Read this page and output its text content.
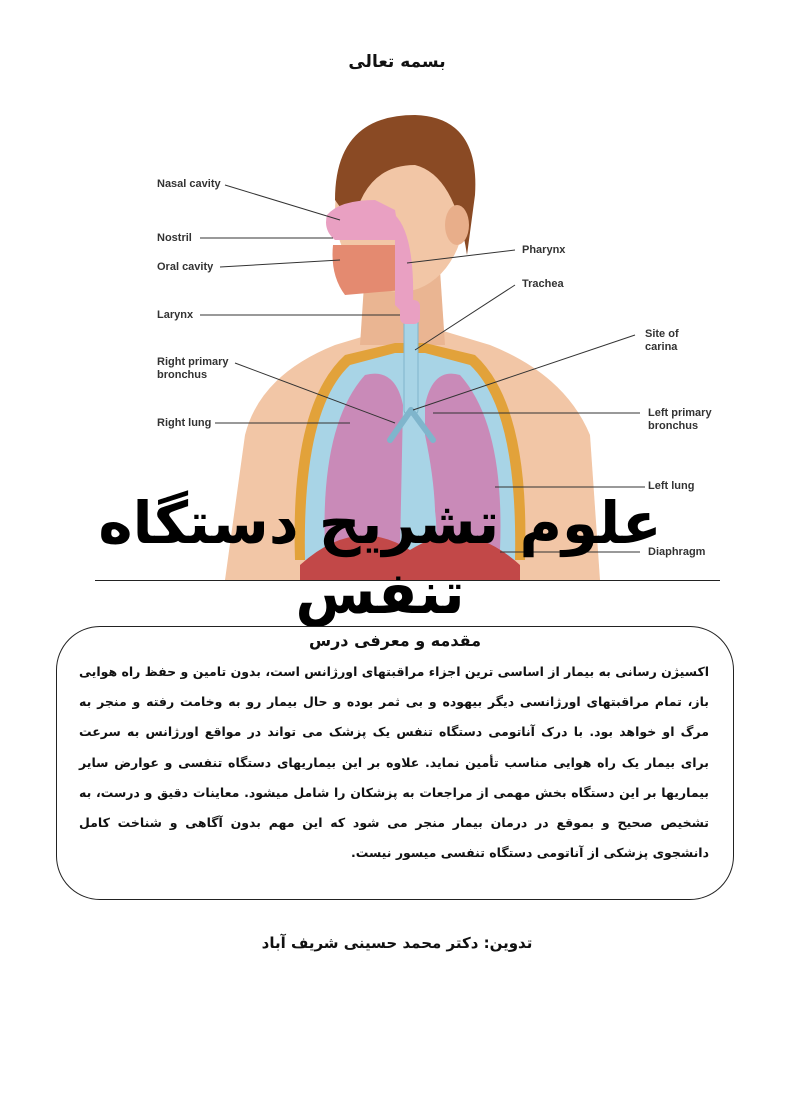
بسمه تعالی
Nasal cavity
Nostril
Oral cavity
Larynx
Right primary
bronchus
Right lung
Pharynx
Trachea
Site of
carina
Left primary
bronchus
Left lung
Diaphragm
علوم تشریح دستگاه تنفس
مقدمه و معرفی درس
اکسیژن رسانی به بیمار از اساسی ترین اجزاء مراقبتهای اورژانس است، بدون تامین و حفظ راه هوایی باز، تمام مراقبتهای اورژانسی دیگر بیهوده و بی ثمر بوده و حال بیمار رو به وخامت رفته و منجر به مرگ او خواهد بود. با درک آناتومی دستگاه تنفس یک پزشک می تواند در مواقع اورژانس به سرعت برای بیمار یک راه هوایی مناسب تأمین نماید. علاوه بر این بیماریهای دستگاه تنفسی و عوارض سایر بیماریها بر این دستگاه بخش مهمی از مراجعات به پزشکان را شامل میشود. معاینات دقیق و درست، به تشخیص صحیح و بموقع در درمان بیمار منجر می شود که این مهم بدون آگاهی و شناخت کامل دانشجوی پزشکی از آناتومی دستگاه تنفسی میسور نیست.
تدوین: دکتر محمد حسینی شریف آباد
